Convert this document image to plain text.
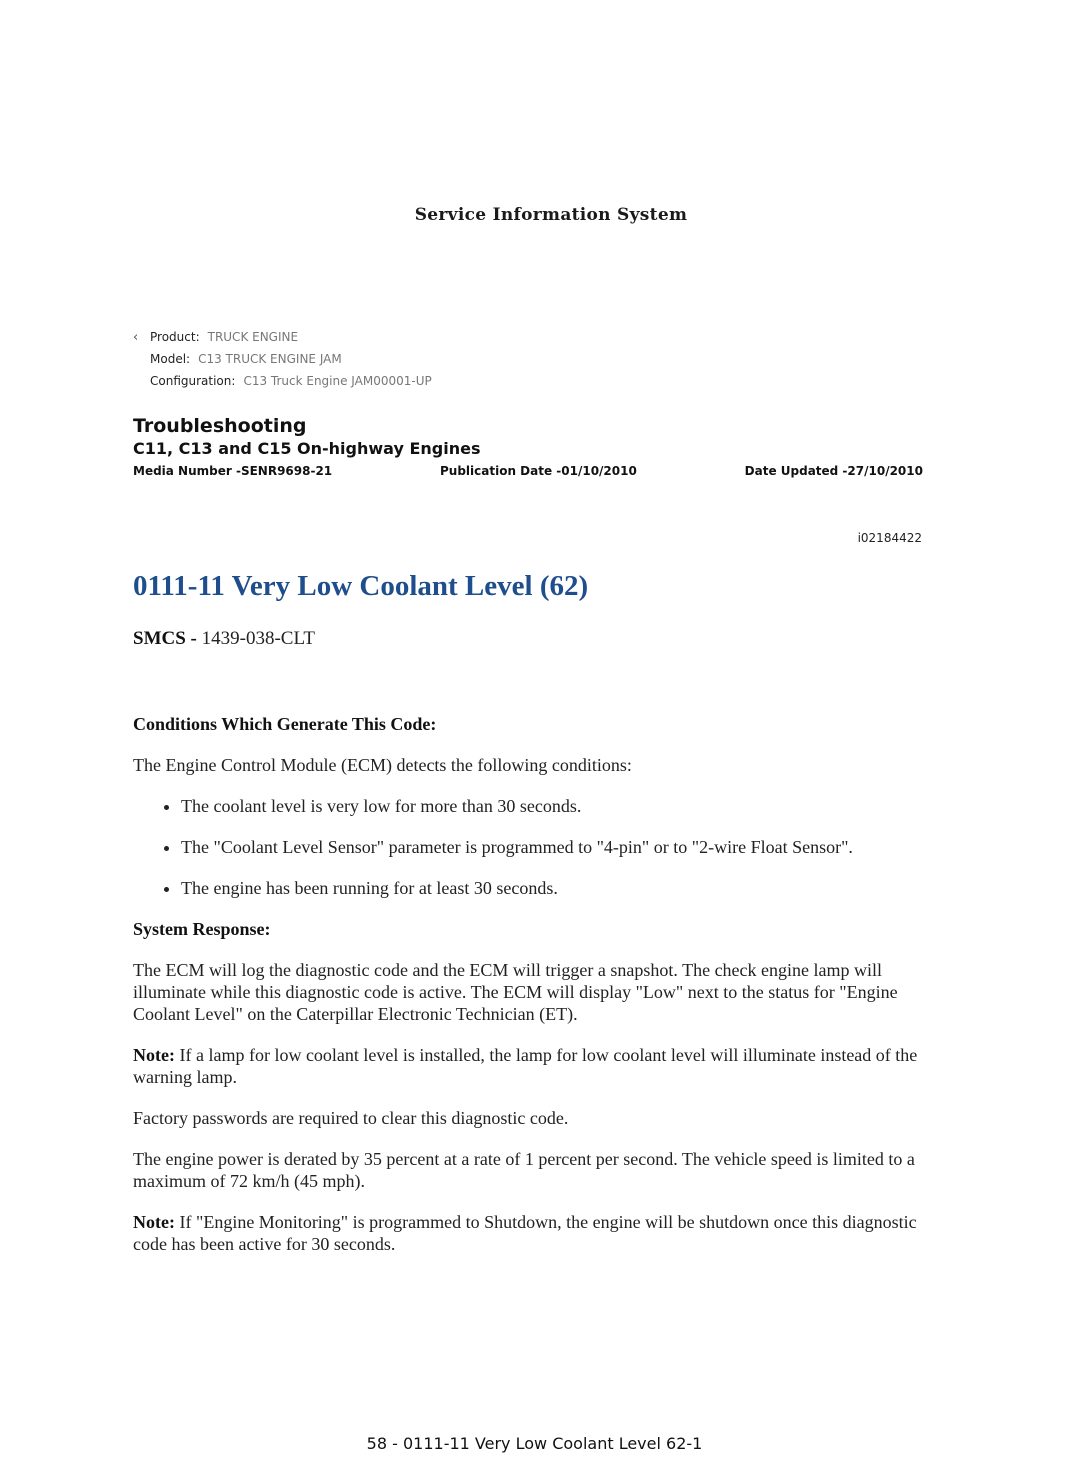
Service Information System
‹ Product: TRUCK ENGINE
Model: C13 TRUCK ENGINE JAM
Configuration: C13 Truck Engine JAM00001-UP
Troubleshooting
C11, C13 and C15 On-highway Engines
Media Number -SENR9698-21	Publication Date -01/10/2010	Date Updated -27/10/2010
i02184422
0111-11 Very Low Coolant Level (62)
SMCS - 1439-038-CLT
Conditions Which Generate This Code:

The Engine Control Module (ECM) detects the following conditions:

• The coolant level is very low for more than 30 seconds.
• The "Coolant Level Sensor" parameter is programmed to "4-pin" or to "2-wire Float Sensor".
• The engine has been running for at least 30 seconds.
System Response:

The ECM will log the diagnostic code and the ECM will trigger a snapshot. The check engine lamp will illuminate while this diagnostic code is active. The ECM will display "Low" next to the status for "Engine Coolant Level" on the Caterpillar Electronic Technician (ET).

Note: If a lamp for low coolant level is installed, the lamp for low coolant level will illuminate instead of the warning lamp.

Factory passwords are required to clear this diagnostic code.

The engine power is derated by 35 percent at a rate of 1 percent per second. The vehicle speed is limited to a maximum of 72 km/h (45 mph).

Note: If "Engine Monitoring" is programmed to Shutdown, the engine will be shutdown once this diagnostic code has been active for 30 seconds.

58 - 0111-11 Very Low Coolant Level 62-1
